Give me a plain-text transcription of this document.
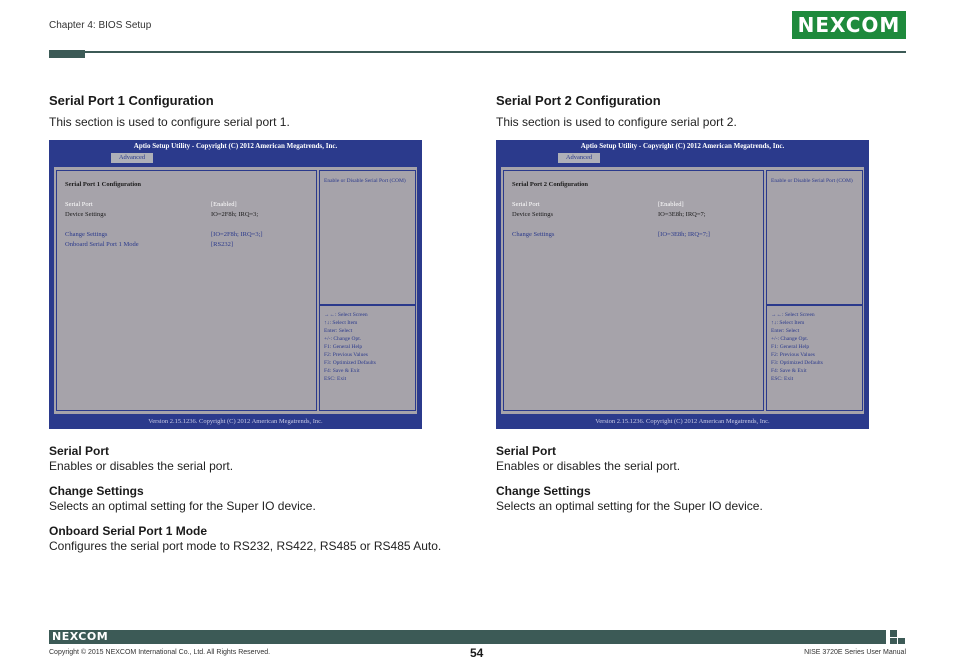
Chapter 4: BIOS Setup	NEXCOM
Serial Port 1 Configuration
This section is used to configure serial port 1.
Aptio Setup Utility - Copyright (C) 2012 American Megatrends, Inc.
Advanced
Serial Port 1 Configuration
Serial Port	[Enabled]
Device Settings	IO=2F8h; IRQ=3;
Change Settings	[IO=2F8h; IRQ=3;]
Onboard Serial Port 1 Mode	[RS232]
Enable or Disable Serial Port (COM)
→←: Select Screen
↑↓: Select Item
Enter: Select
+/-: Change Opt.
F1: General Help
F2: Previous Values
F3: Optimized Defaults
F4: Save & Exit
ESC: Exit
Version 2.15.1236. Copyright (C) 2012 American Megatrends, Inc.
Serial Port
Enables or disables the serial port.
Change Settings
Selects an optimal setting for the Super IO device.
Onboard Serial Port 1 Mode
Configures the serial port mode to RS232, RS422, RS485 or RS485 Auto.
Serial Port 2 Configuration
This section is used to configure serial port 2.
Aptio Setup Utility - Copyright (C) 2012 American Megatrends, Inc.
Advanced
Serial Port 2 Configuration
Serial Port	[Enabled]
Device Settings	IO=3E8h; IRQ=7;
Change Settings	[IO=3E8h; IRQ=7;]
Enable or Disable Serial Port (COM)
→←: Select Screen
↑↓: Select Item
Enter: Select
+/-: Change Opt.
F1: General Help
F2: Previous Values
F3: Optimized Defaults
F4: Save & Exit
ESC: Exit
Version 2.15.1236. Copyright (C) 2012 American Megatrends, Inc.
Serial Port
Enables or disables the serial port.
Change Settings
Selects an optimal setting for the Super IO device.
NEXCOM
Copyright © 2015 NEXCOM International Co., Ltd. All Rights Reserved.	54	NISE 3720E Series User Manual
